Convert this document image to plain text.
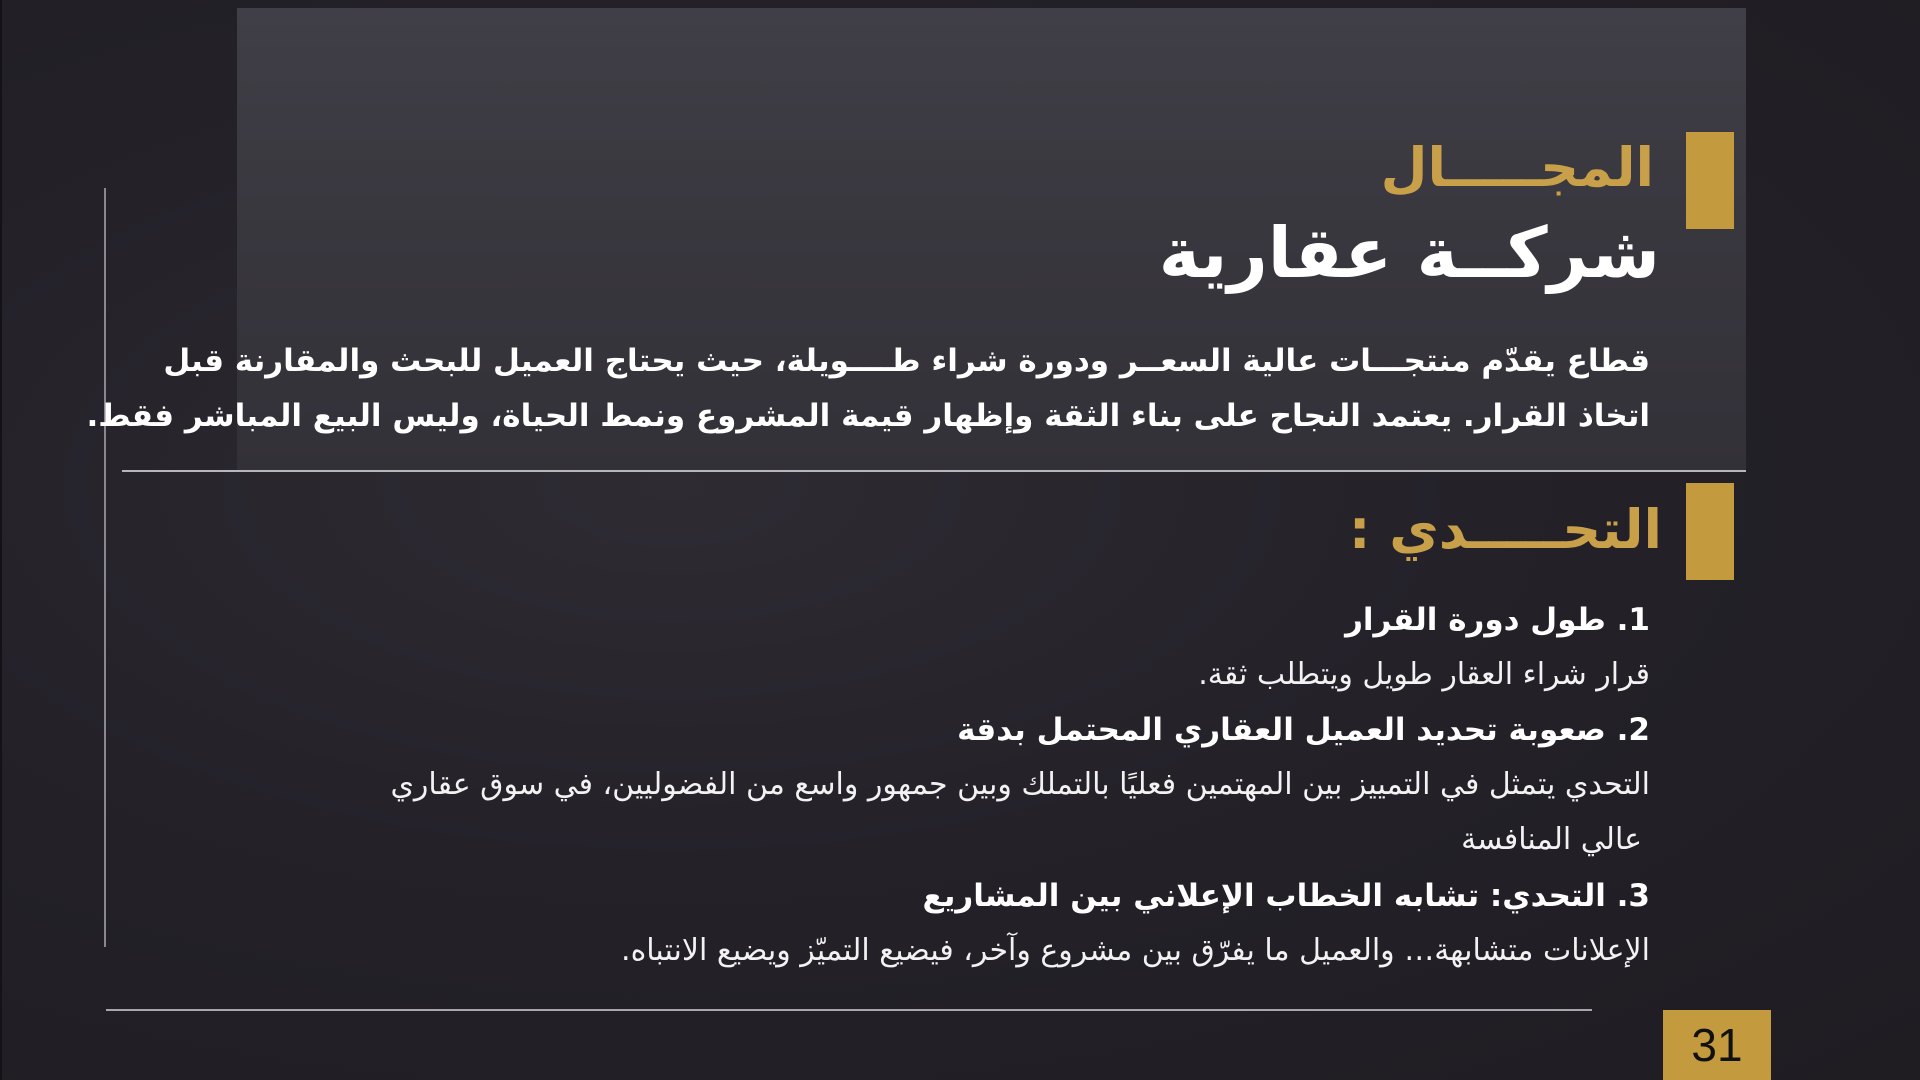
المجـــــال
شركــة عقارية
قطاع يقدّم منتجـــات عالية السعــر ودورة شراء طــــويلة، حيث يحتاج العميل للبحث والمقارنة قبل
اتخاذ القرار. يعتمد النجاح على بناء الثقة وإظهار قيمة المشروع ونمط الحياة، وليس البيع المباشر فقط.
التحـــــدي :
1. طول دورة القرار
قرار شراء العقار طويل ويتطلب ثقة.
2. صعوبة تحديد العميل العقاري المحتمل بدقة
التحدي يتمثل في التمييز بين المهتمين فعليًا بالتملك وبين جمهور واسع من الفضوليين، في سوق عقاري
عالي المنافسة
3. التحدي: تشابه الخطاب الإعلاني بين المشاريع
الإعلانات متشابهة… والعميل ما يفرّق بين مشروع وآخر، فيضيع التميّز ويضيع الانتباه.
31
